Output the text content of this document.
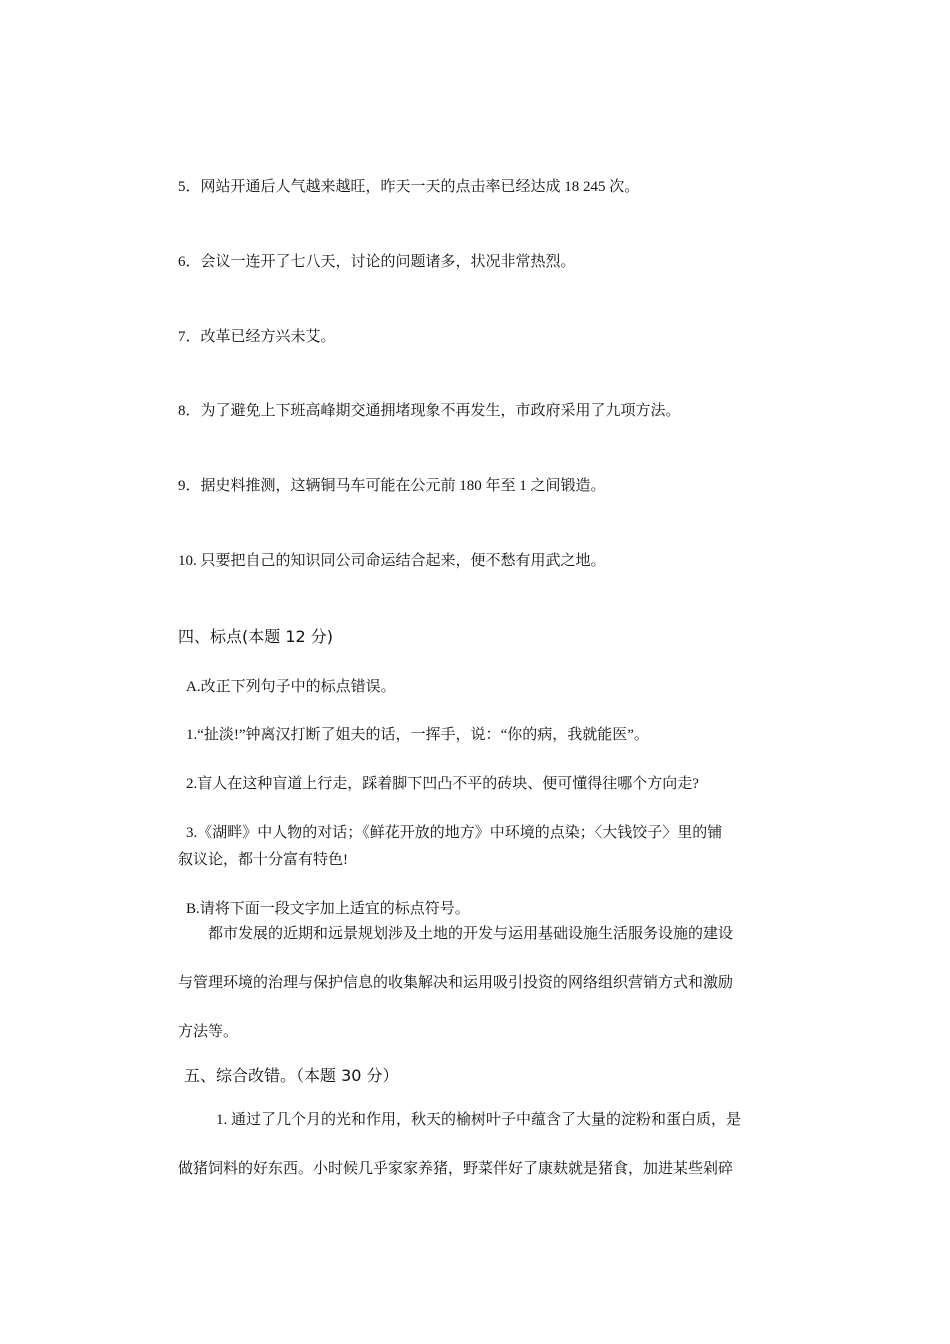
5．网站开通后人气越来越旺，昨天一天的点击率已经达成 18 245 次。
6．会议一连开了七八天，讨论的问题诸多，状况非常热烈。
7．改革已经方兴未艾。
8．为了避免上下班高峰期交通拥堵现象不再发生，市政府采用了九项方法。
9．据史料推测，这辆铜马车可能在公元前 180 年至 1 之间锻造。
10. 只要把自己的知识同公司命运结合起来，便不愁有用武之地。
四、标点(本题 12 分)
A.改正下列句子中的标点错误。
1.“扯淡!”钟离汉打断了姐夫的话，一挥手，说：“你的病，我就能医”。
2.盲人在这种盲道上行走，踩着脚下凹凸不平的砖块、便可懂得往哪个方向走?
3.《湖畔》中人物的对话；《鲜花开放的地方》中环境的点染；〈大钱饺子〉里的铺
叙议论，都十分富有特色!
B.请将下面一段文字加上适宜的标点符号。
都市发展的近期和远景规划涉及土地的开发与运用基础设施生活服务设施的建设
与管理环境的治理与保护信息的收集解决和运用吸引投资的网络组织营销方式和激励
方法等。
五、综合改错。（本题 30 分）
1. 通过了几个月的光和作用，秋天的榆树叶子中蕴含了大量的淀粉和蛋白质，是
做猪饲料的好东西。小时候几乎家家养猪，野菜伴好了康麸就是猪食，加进某些剁碎
